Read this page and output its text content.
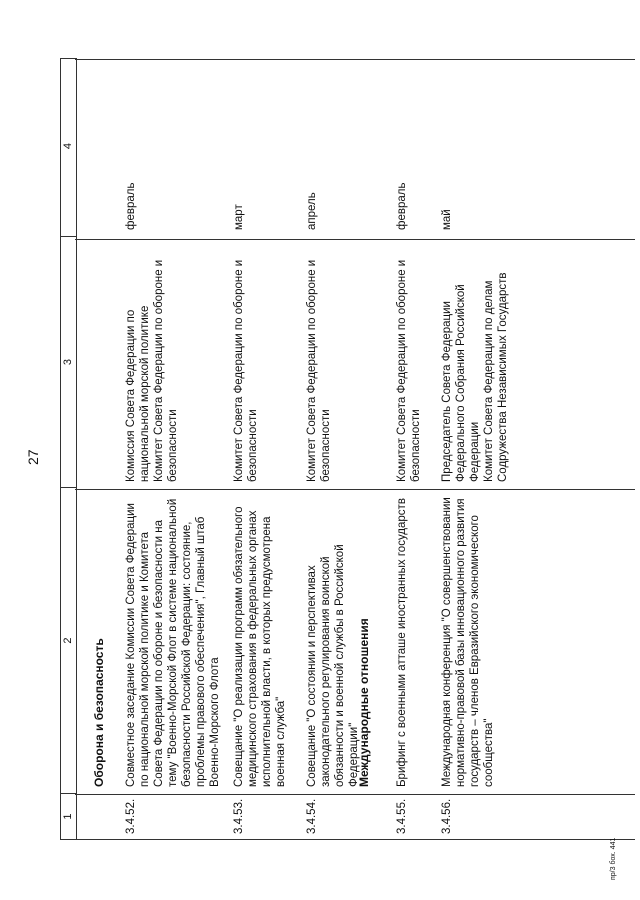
27
1
2
3
4
Оборона и безопасность
3.4.52.
Совместное заседание Комиссии Совета Федерации по национальной морской политике и Комитета Совета Федерации по обороне и безопасности на тему "Военно-Морской Флот в системе национальной безопасности Российской Федерации: состояние, проблемы правового обеспечения", Главный штаб Военно-Морского Флота
Комиссия Совета Федерации по национальной морской политике
Комитет Совета Федерации по обороне и безопасности
февраль
3.4.53.
Совещание "О реализации программ обязательного медицинского страхования в федеральных органах исполнительной власти, в которых предусмотрена военная служба"
Комитет Совета Федерации по обороне и безопасности
март
3.4.54.
Совещание "О состоянии и перспективах законодательного регулирования воинской обязанности и военной службы в Российской Федерации"
Комитет Совета Федерации по обороне и безопасности
апрель
Международные отношения
3.4.55.
Брифинг с военными атташе иностранных государств
Комитет Совета Федерации по обороне и безопасности
февраль
3.4.56.
Международная конференция "О совершенствовании нормативно-правовой базы инновационного развития государств – членов Евразийского экономического сообщества"
Председатель Совета Федерации Федерального Собрания Российской Федерации
Комитет Совета Федерации по делам Содружества Независимых Государств
май
пр/3 бох. 441
